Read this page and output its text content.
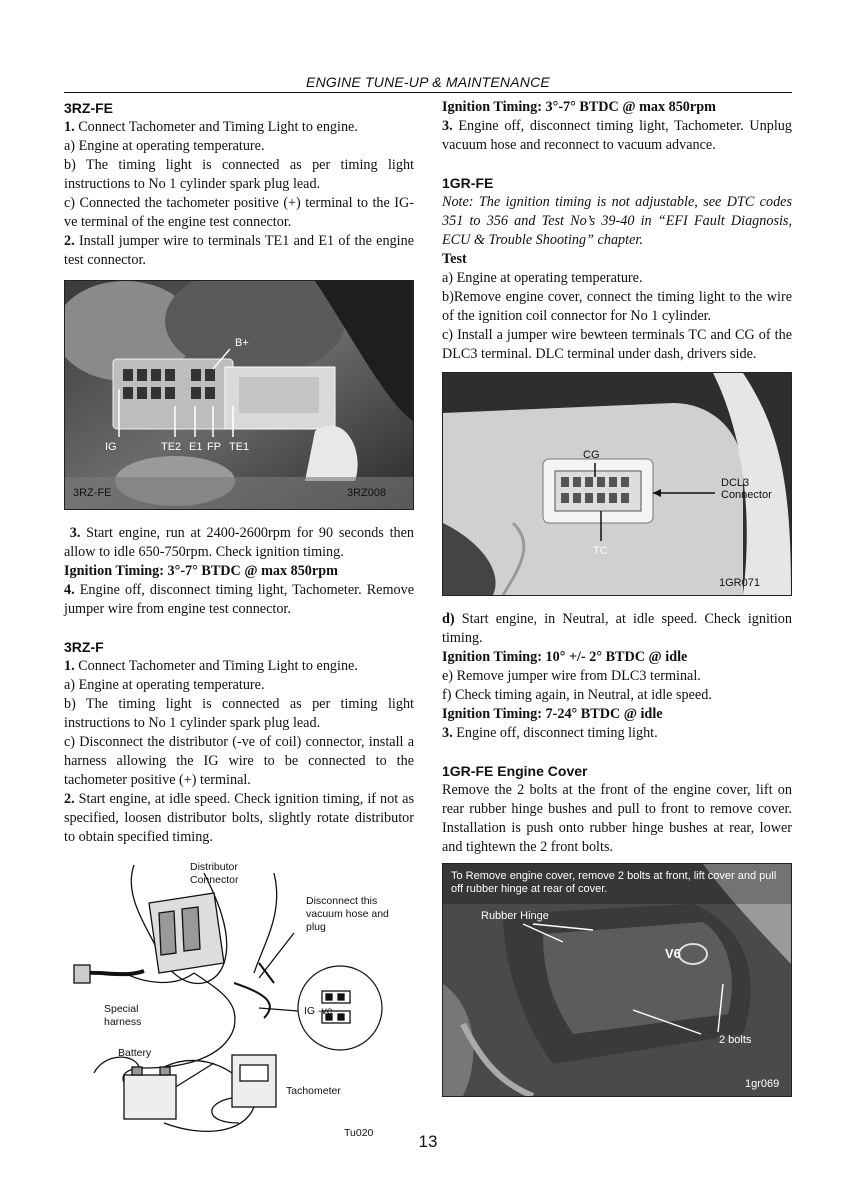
ENGINE TUNE-UP & MAINTENANCE

3RZ-FE

1. Connect Tachometer and Timing Light to engine.

a) Engine at operating temperature.

b) The timing light is connected as per timing light instructions to No 1 cylinder spark plug lead.

c) Connected the tachometer positive (+) terminal to the IG-ve terminal of the engine test connector.

2. Install jumper wire to terminals TE1 and E1 of the engine test connector.

B+
IG	TE2 E1 FP TE1
3RZ-FE	3RZ008

3. Start engine, run at 2400-2600rpm for 90 seconds then allow to idle 650-750rpm. Check ignition timing.

Ignition Timing: 3°-7° BTDC @ max 850rpm

4. Engine off, disconnect timing light, Tachometer. Remove jumper wire from engine test connector.

3RZ-F

1. Connect Tachometer and Timing Light to engine.

a) Engine at operating temperature.

b) The timing light is connected as per timing light instructions to No 1 cylinder spark plug lead.

c) Disconnect the distributor (-ve of coil) connector, install a harness allowing the IG wire to be connected to the tachometer positive (+) terminal.

2. Start engine, at idle speed. Check ignition timing, if not as specified, loosen distributor bolts, slightly rotate distributor to obtain specified timing.

Distributor
Connector
Disconnect this
vacuum hose and
plug
Special
harness
IG -ve
Battery
Tachometer
Tu020

Ignition Timing: 3°-7° BTDC @ max 850rpm

3. Engine off, disconnect timing light, Tachometer. Unplug vacuum hose and reconnect to vacuum advance.

1GR-FE

Note: The ignition timing is not adjustable, see DTC codes 351 to 356 and Test No’s 39-40 in “EFI Fault Diagnosis, ECU & Trouble Shooting” chapter.

Test

a) Engine at operating temperature.

b)Remove engine cover, connect the timing light to the wire of the ignition coil connector for No 1 cylinder.

c) Install a jumper wire bewteen terminals TC and CG of the DLC3 terminal. DLC terminal under dash, drivers side.

CG
TC
DCL3
Connector
1GR071

d) Start engine, in Neutral, at idle speed. Check ignition timing.

Ignition Timing: 10° +/- 2° BTDC @ idle

e) Remove jumper wire from DLC3 terminal.

f) Check timing again, in Neutral, at idle speed.

Ignition Timing: 7-24° BTDC @ idle

3. Engine off, disconnect timing light.

1GR-FE Engine Cover

Remove the 2 bolts at the front of the engine cover, lift on rear rubber hinge bushes and pull to front to remove cover. Installation is push onto rubber hinge bushes at rear, lower and tightewn the 2 front bolts.

To Remove engine cover, remove 2 bolts at front, lift cover and pull off rubber hinge at rear of cover.
Rubber Hinge
V6
2 bolts
1gr069
13
